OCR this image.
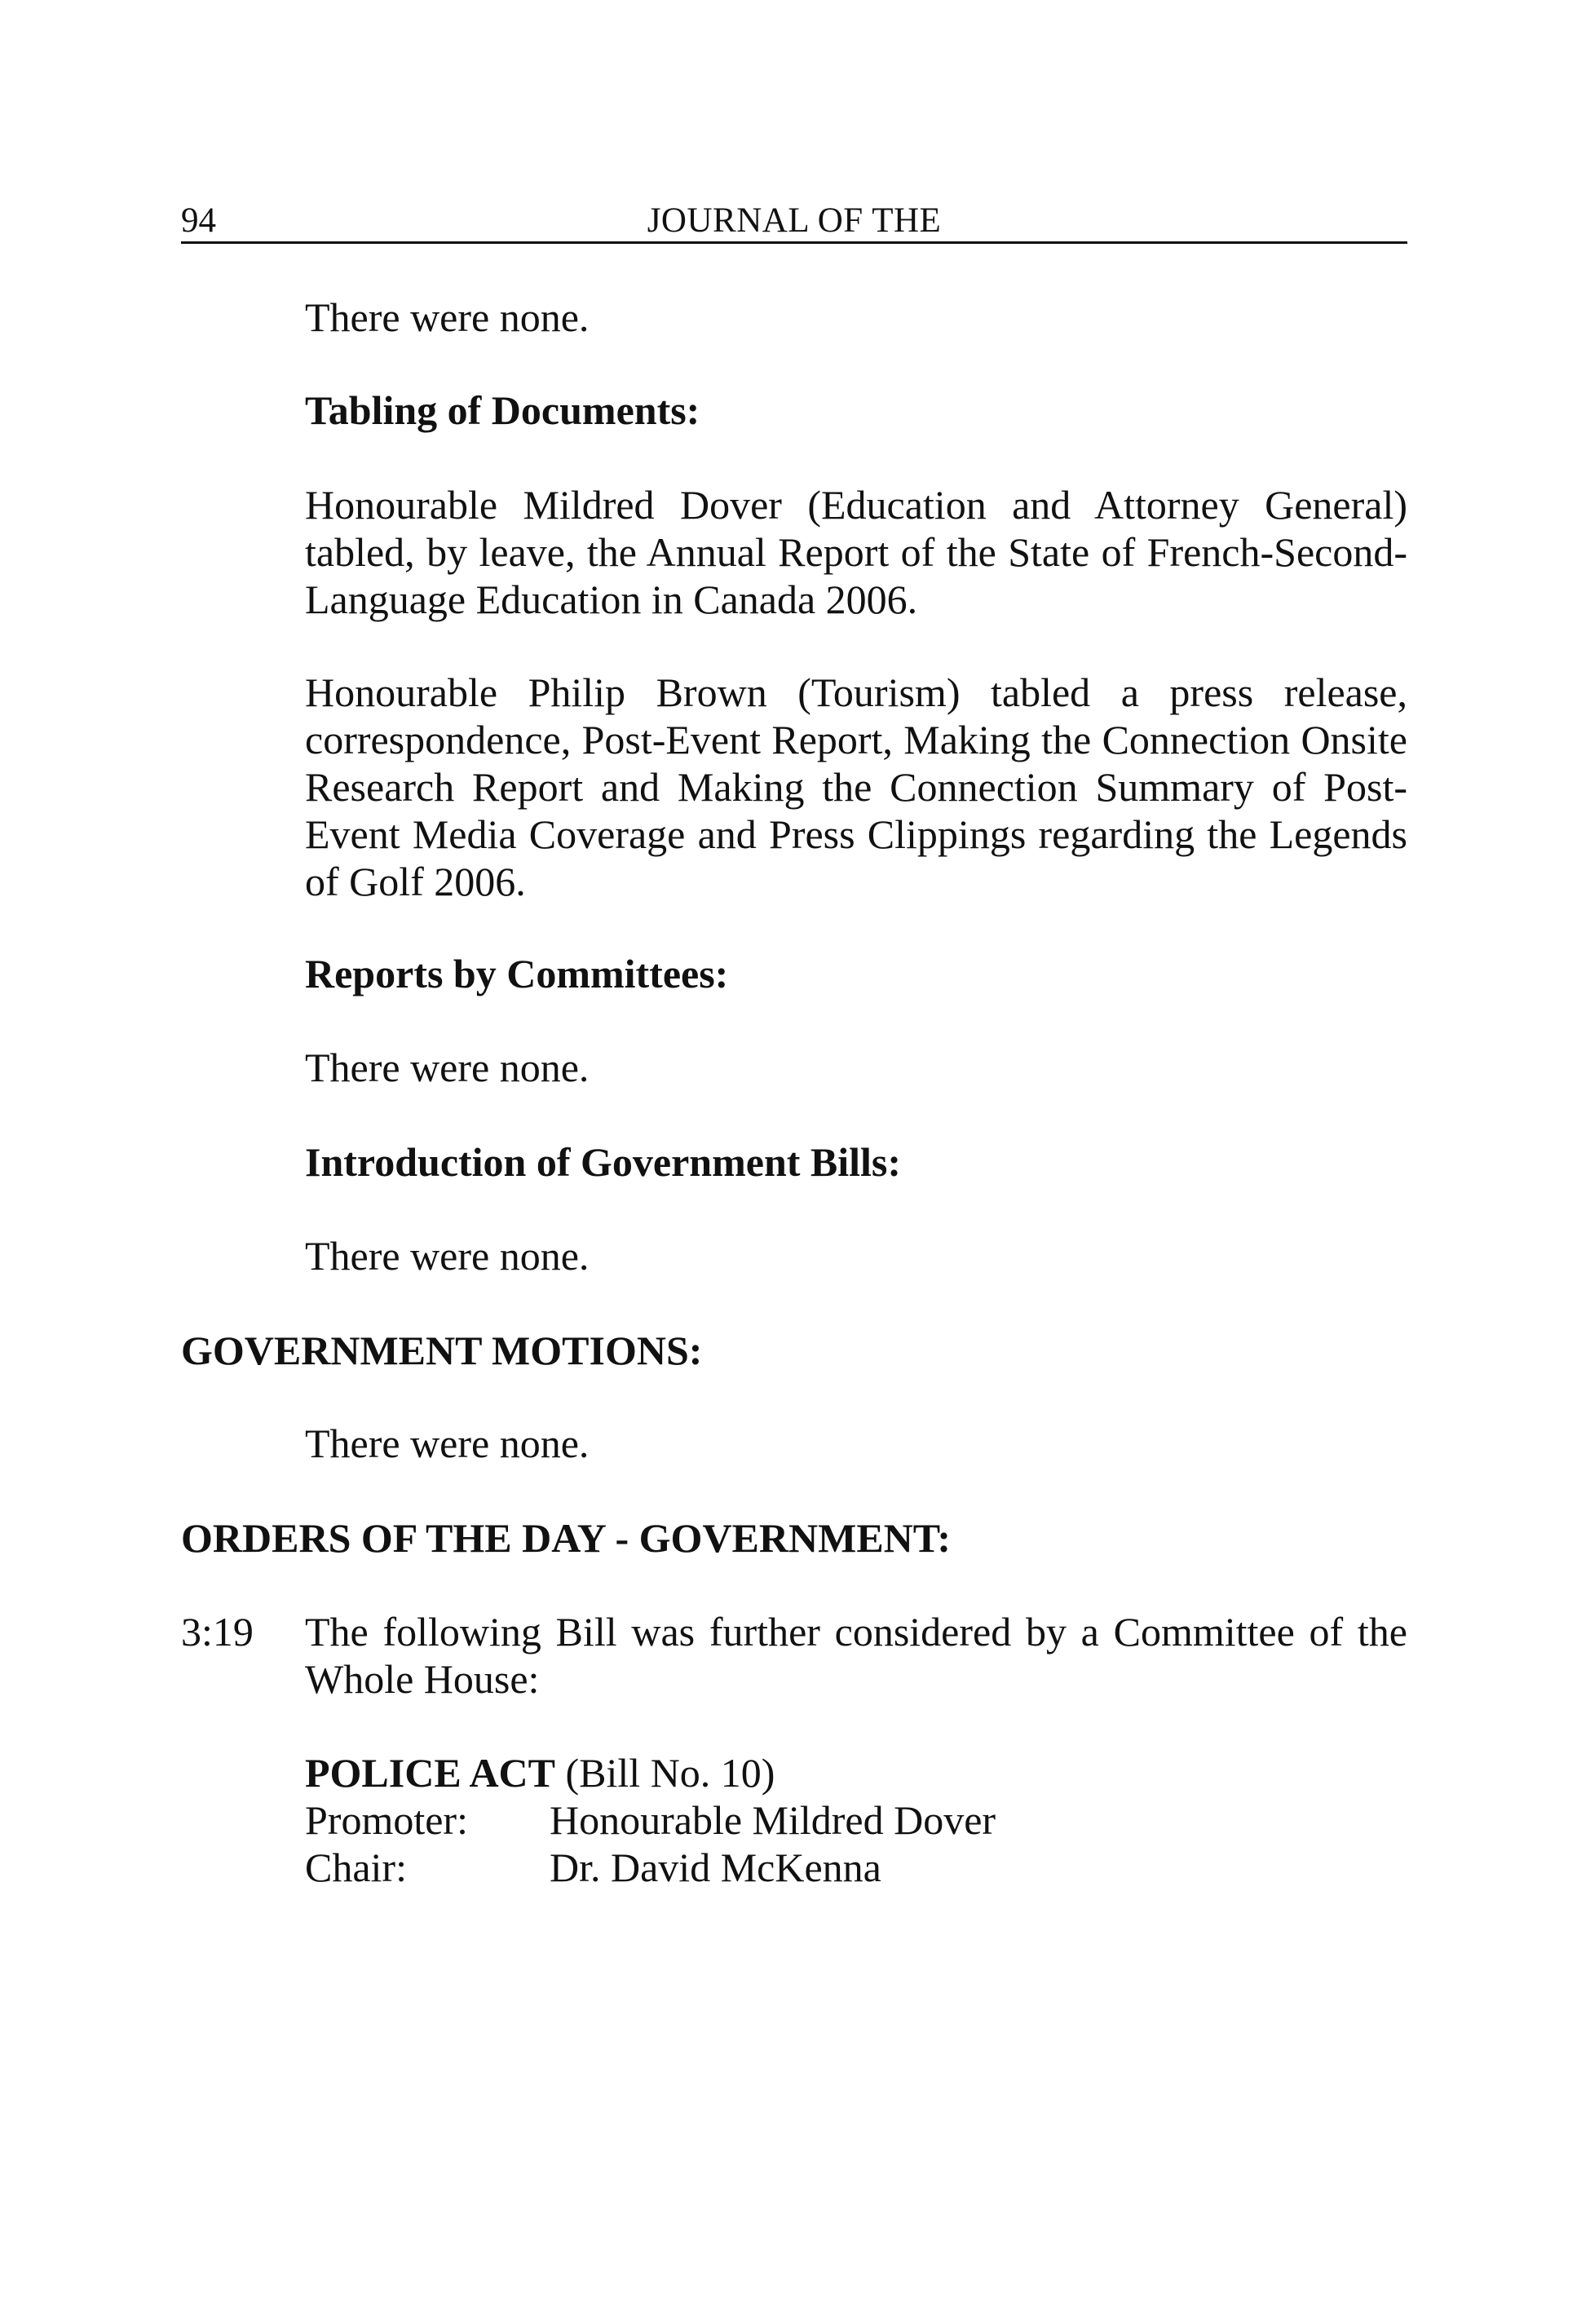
94	JOURNAL OF THE
There were none.
Tabling of Documents:
Honourable Mildred Dover (Education and Attorney General) tabled, by leave, the Annual Report of the State of French-Second-Language Education in Canada 2006.
Honourable Philip Brown (Tourism) tabled a press release, correspondence, Post-Event Report, Making the Connection Onsite Research Report and Making the Connection Summary of Post-Event Media Coverage and Press Clippings regarding the Legends of Golf 2006.
Reports by Committees:
There were none.
Introduction of Government Bills:
There were none.
GOVERNMENT MOTIONS:
There were none.
ORDERS OF THE DAY - GOVERNMENT:
3:19 The following Bill was further considered by a Committee of the Whole House:
POLICE ACT (Bill No. 10)
Promoter: Honourable Mildred Dover
Chair:	Dr. David McKenna
